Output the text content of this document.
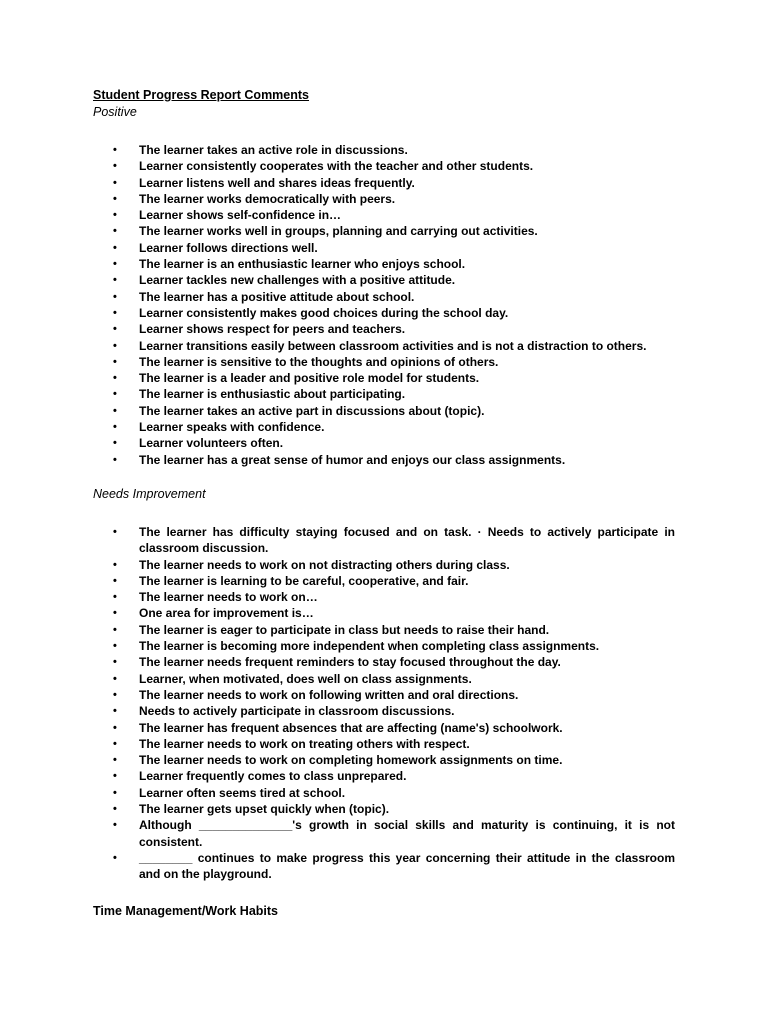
Student Progress Report Comments
Positive
• The learner takes an active role in discussions.
• Learner consistently cooperates with the teacher and other students.
• Learner listens well and shares ideas frequently.
• The learner works democratically with peers.
• Learner shows self-confidence in…
• The learner works well in groups, planning and carrying out activities.
• Learner follows directions well.
• The learner is an enthusiastic learner who enjoys school.
• Learner tackles new challenges with a positive attitude.
• The learner has a positive attitude about school.
• Learner consistently makes good choices during the school day.
• Learner shows respect for peers and teachers.
• Learner transitions easily between classroom activities and is not a distraction to others.
• The learner is sensitive to the thoughts and opinions of others.
• The learner is a leader and positive role model for students.
• The learner is enthusiastic about participating.
• The learner takes an active part in discussions about (topic).
• Learner speaks with confidence.
• Learner volunteers often.
• The learner has a great sense of humor and enjoys our class assignments.
Needs Improvement
• The learner has difficulty staying focused and on task. · Needs to actively participate in classroom discussion.
• The learner needs to work on not distracting others during class.
• The learner is learning to be careful, cooperative, and fair.
• The learner needs to work on…
• One area for improvement is…
• The learner is eager to participate in class but needs to raise their hand.
• The learner is becoming more independent when completing class assignments.
• The learner needs frequent reminders to stay focused throughout the day.
• Learner, when motivated, does well on class assignments.
• The learner needs to work on following written and oral directions.
• Needs to actively participate in classroom discussions.
• The learner has frequent absences that are affecting (name's) schoolwork.
• The learner needs to work on treating others with respect.
• The learner needs to work on completing homework assignments on time.
• Learner frequently comes to class unprepared.
• Learner often seems tired at school.
• The learner gets upset quickly when (topic).
• Although ______________'s growth in social skills and maturity is continuing, it is not consistent.
• ________ continues to make progress this year concerning their attitude in the classroom and on the playground.
Time Management/Work Habits
